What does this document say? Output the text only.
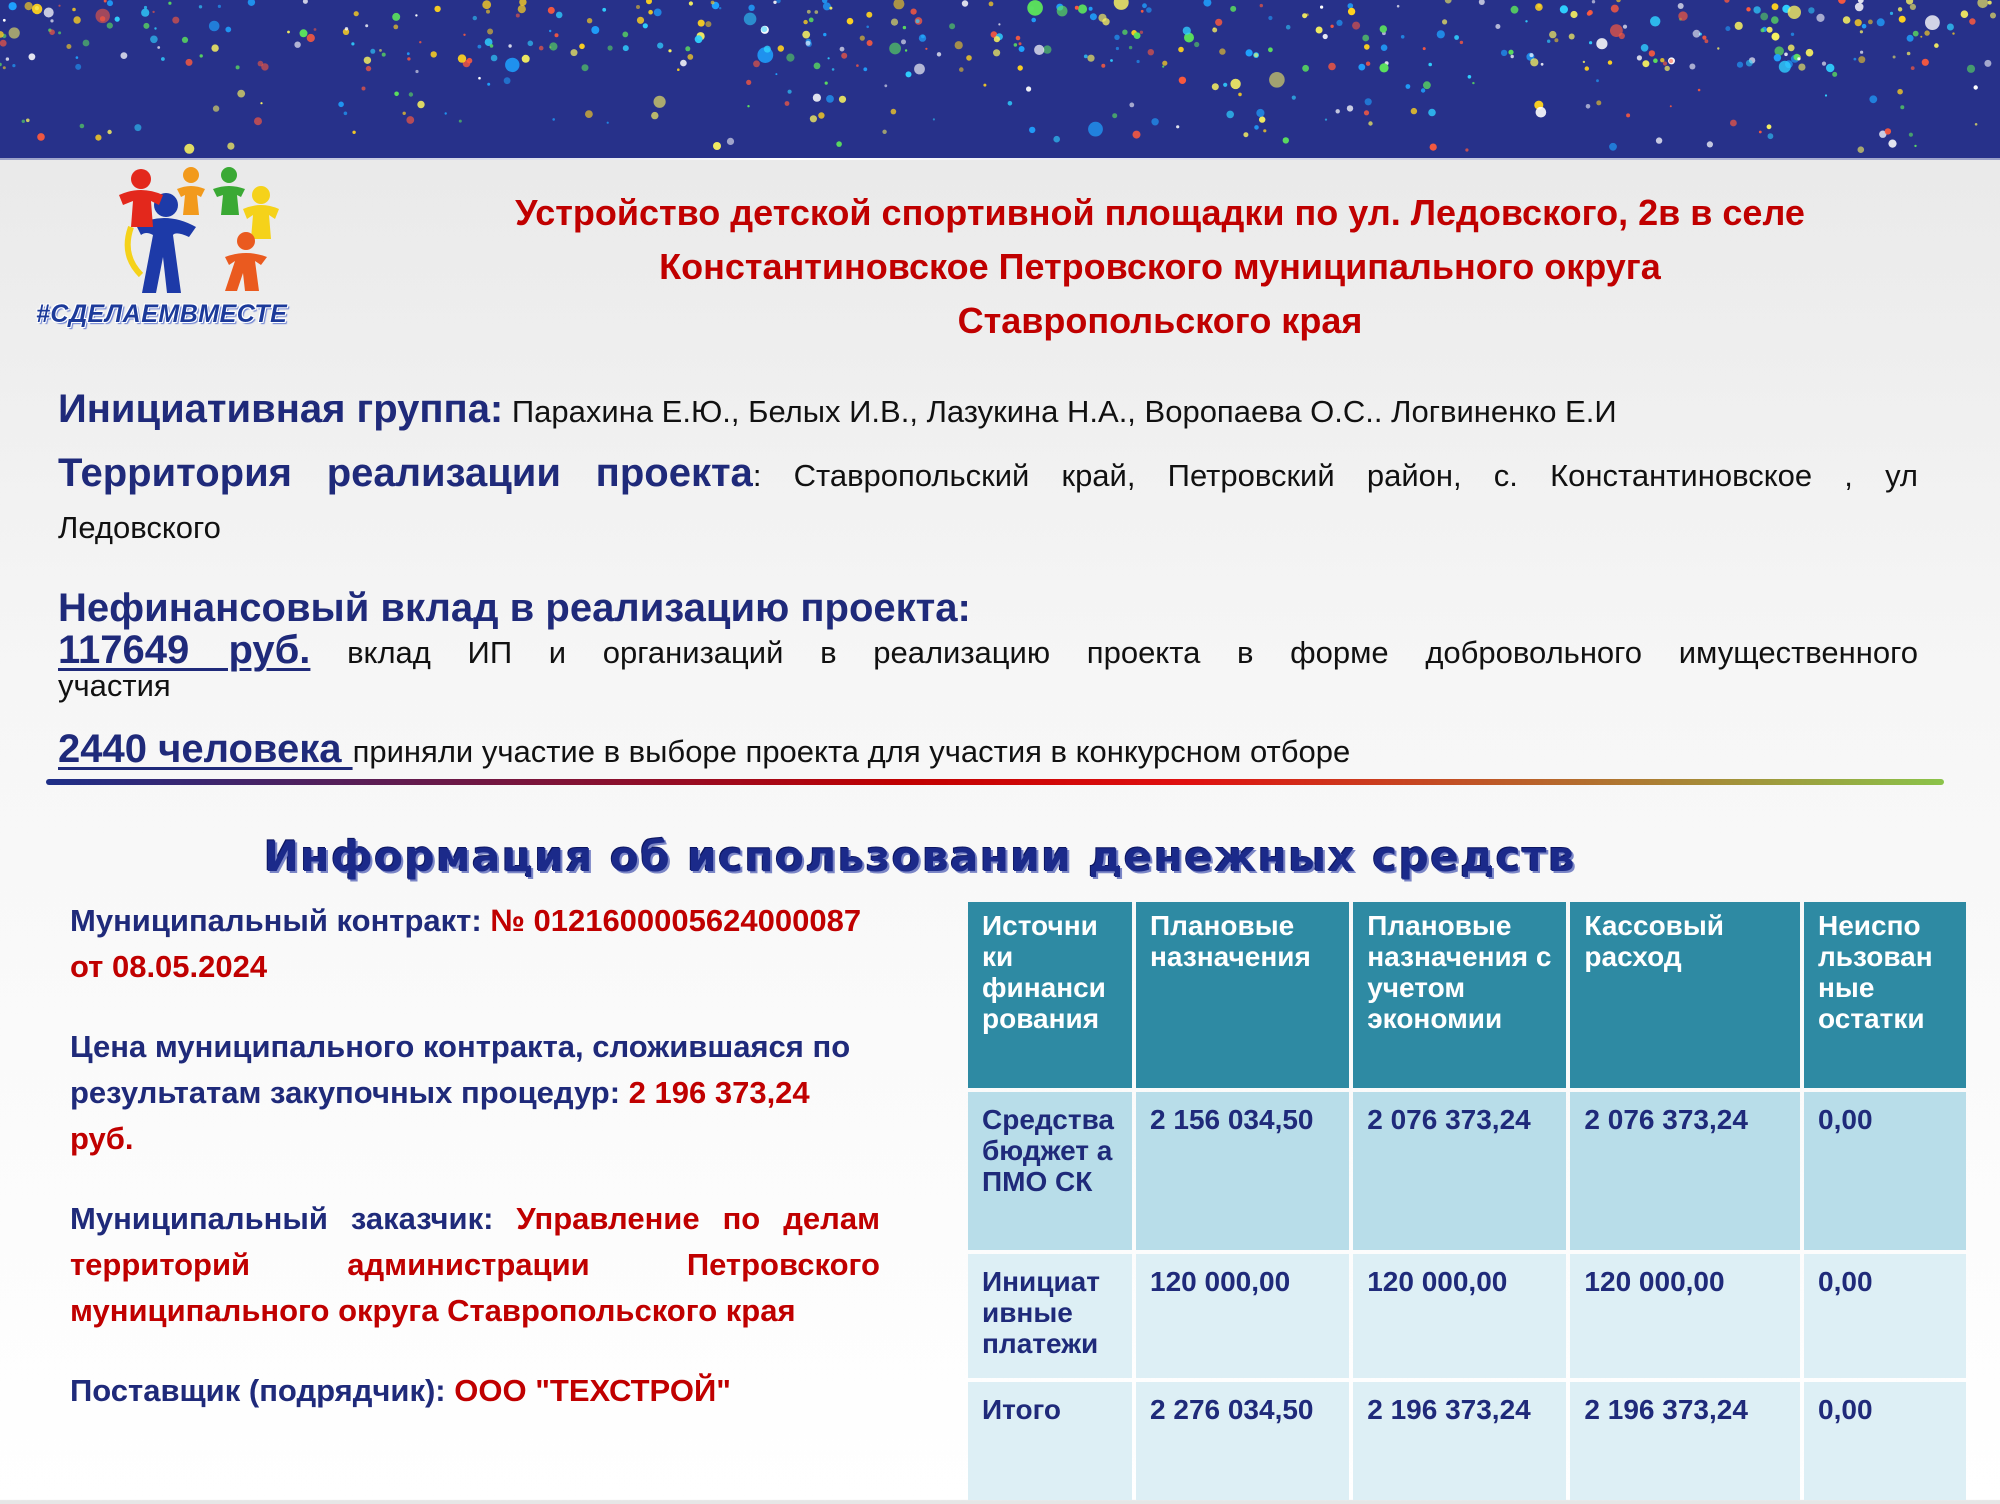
#СДЕЛАЕМВМЕСТЕ
Устройство детской спортивной площадки по ул. Ледовского, 2в в селе
Константиновское Петровского муниципального округа
Ставропольского края
Инициативная группа: Парахина Е.Ю., Белых И.В., Лазукина Н.А., Воропаева О.С.. Логвиненко Е.И
Территория реализации проекта: Ставропольский край, Петровский район, с. Константиновское , ул
Ледовского
Нефинансовый вклад в реализацию проекта:
117649 руб. вклад ИП и организаций в реализацию проекта в форме добровольного имущественного
участия
2440 человека приняли участие в выборе проекта для участия в конкурсном отборе
Информация об использовании денежных средств

Муниципальный контракт: № 0121600005624000087 от 08.05.2024

Цена муниципального контракта, сложившаяся по результатам закупочных процедур: 2 196 373,24 руб.

Муниципальный заказчик: Управление по делам территорий администрации Петровского муниципального округа Ставропольского края

Поставщик (подрядчик): ООО "ТЕХСТРОЙ"

Источни ки финанси рования	Плановые назначения	Плановые назначения с учетом экономии	Кассовый расход	Неиспо льзован ные остатки
Средства бюджет а ПМО СК	2 156 034,50	2 076 373,24	2 076 373,24	0,00
Инициат ивные платежи	120 000,00	120 000,00	120 000,00	0,00
Итого	2 276 034,50	2 196 373,24	2 196 373,24	0,00
